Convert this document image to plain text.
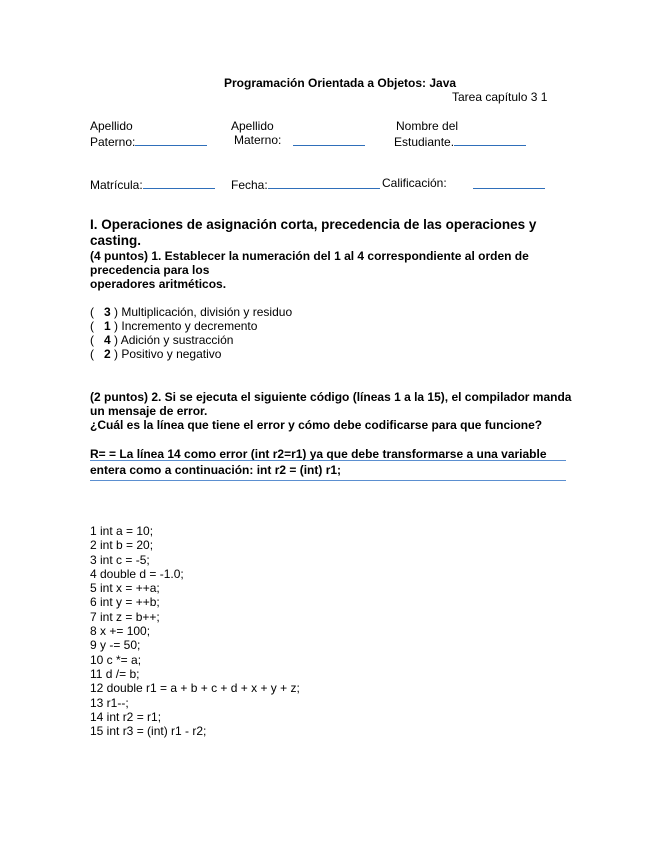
Programación Orientada a Objetos: Java
Tarea capítulo 3 1
Apellido
Paterno:
Apellido
Materno:
Nombre del
Estudiante.
Matrícula:	Fecha:	Calificación:
I. Operaciones de asignación corta, precedencia de las operaciones y
casting.
(4 puntos) 1. Establecer la numeración del 1 al 4 correspondiente al orden de
precedencia para los
operadores aritméticos.
( 3 ) Multiplicación, división y residuo
( 1 ) Incremento y decremento
( 4 ) Adición y sustracción
( 2 ) Positivo y negativo
(2 puntos) 2. Si se ejecuta el siguiente código (líneas 1 a la 15), el compilador manda
un mensaje de error.
¿Cuál es la línea que tiene el error y cómo debe codificarse para que funcione?
R= = La línea 14 como error (int r2=r1) ya que debe transformarse a una variable
entera como a continuación: int r2 = (int) r1;
1 int a = 10;
2 int b = 20;
3 int c = -5;
4 double d = -1.0;
5 int x = ++a;
6 int y = ++b;
7 int z = b++;
8 x += 100;
9 y -= 50;
10 c *= a;
11 d /= b;
12 double r1 = a + b + c + d + x + y + z;
13 r1--;
14 int r2 = r1;
15 int r3 = (int) r1 - r2;
